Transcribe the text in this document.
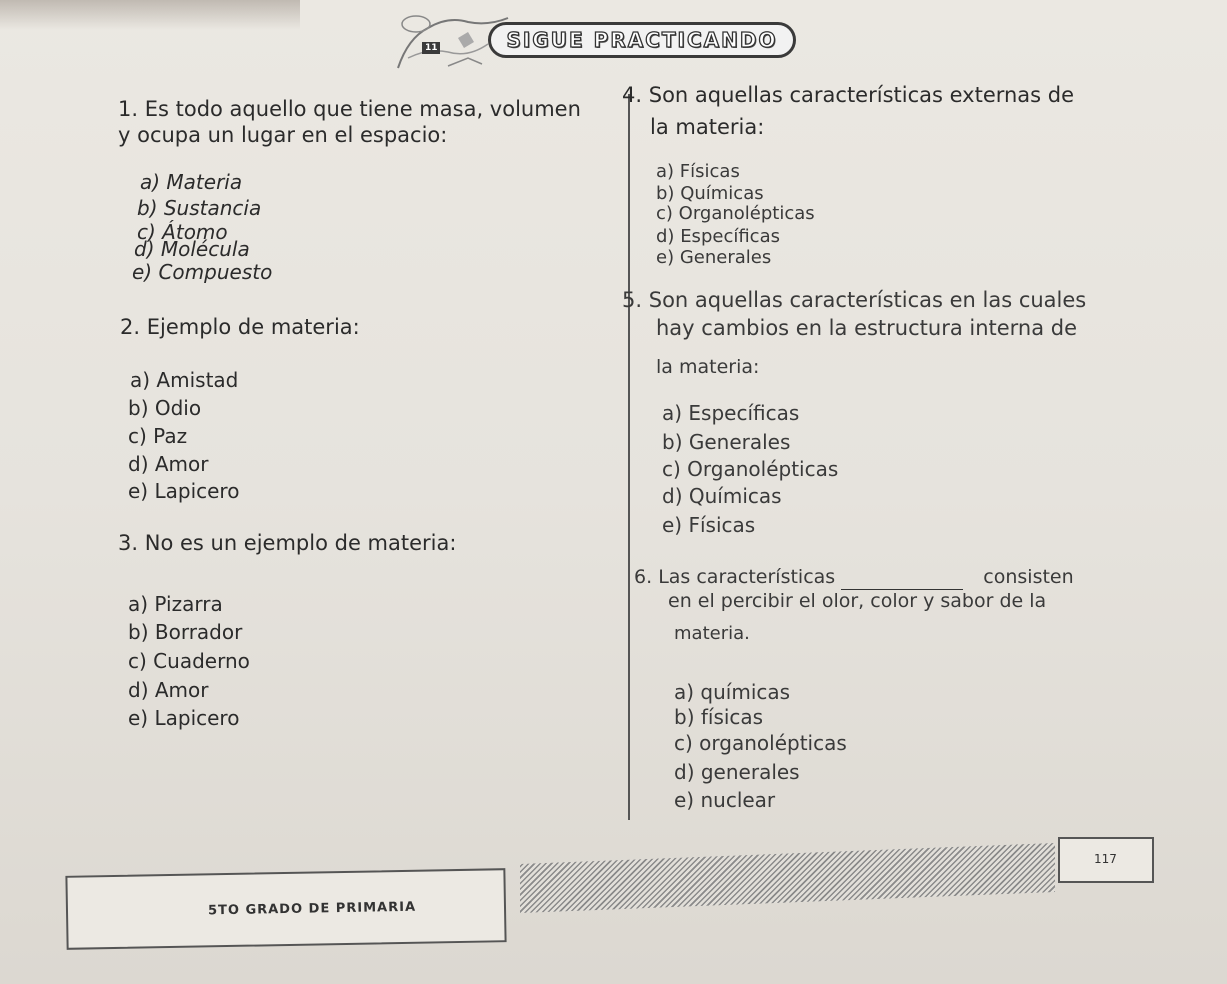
11	SIGUE PRACTICANDO
1. Es todo aquello que tiene masa, volumen
y ocupa un lugar en el espacio:
a) Materia
b) Sustancia
c) Átomo
d) Molécula
e) Compuesto
2. Ejemplo de materia:
a) Amistad
b) Odio
c) Paz
d) Amor
e) Lapicero
3. No es un ejemplo de materia:
a) Pizarra
b) Borrador
c) Cuaderno
d) Amor
e) Lapicero
4. Son aquellas características externas de
la materia:
a) Físicas
b) Químicas
c) Organolépticas
d) Específicas
e) Generales
5. Son aquellas características en las cuales
hay cambios en la estructura interna de
la materia:
a) Específicas
b) Generales
c) Organolépticas
d) Químicas
e) Físicas
6. Las características	consisten
en el percibir el olor, color y sabor de la
materia.
a) químicas
b) físicas
c) organolépticas
d) generales
e) nuclear
5TO GRADO DE PRIMARIA
117
